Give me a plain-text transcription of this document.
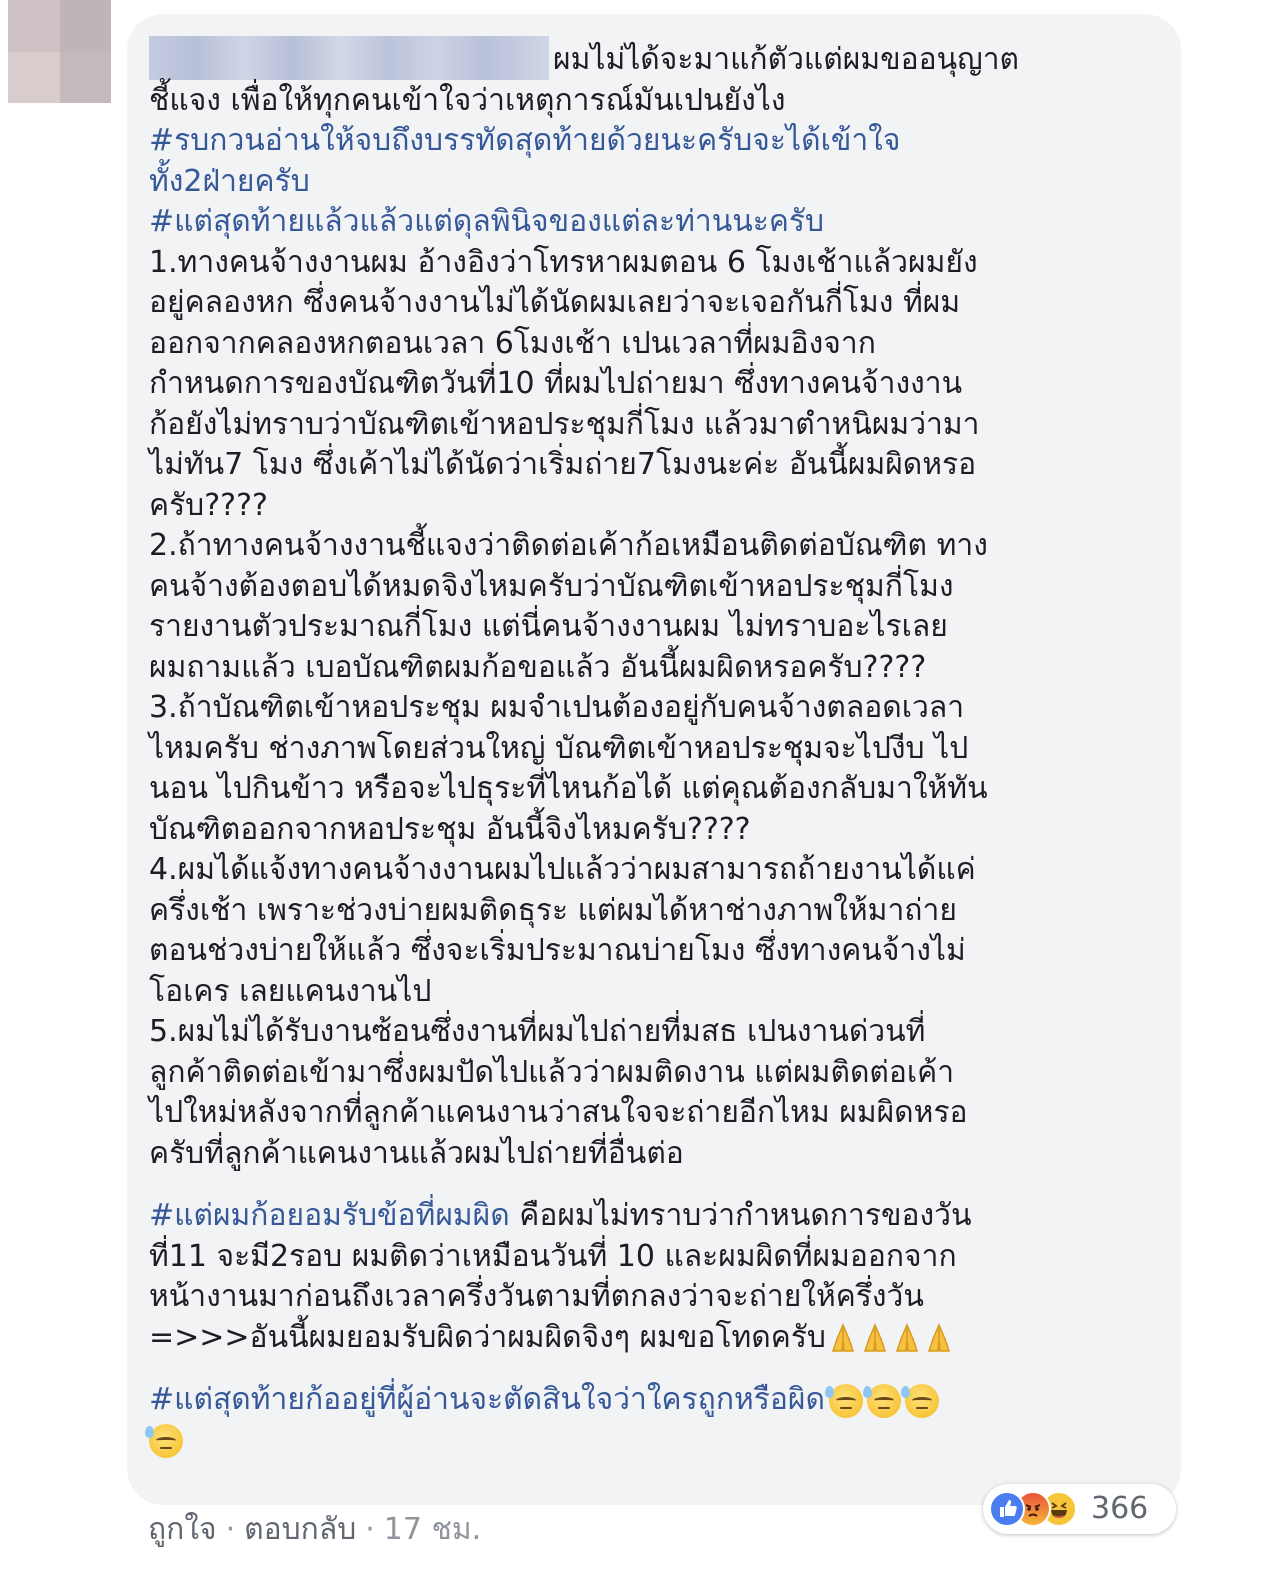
ผมไม่ได้จะมาแก้ตัวแต่ผมขออนุญาต
ชี้แจง เพื่อให้ทุกคนเข้าใจว่าเหตุการณ์มันเปนยังไง
#รบกวนอ่านให้จบถึงบรรทัดสุดท้ายด้วยนะครับจะได้เข้าใจ
ทั้ง2ฝ่ายครับ
#แต่สุดท้ายแล้วแล้วแต่ดุลพินิจของแต่ละท่านนะครับ
1.ทางคนจ้างงานผม อ้างอิงว่าโทรหาผมตอน 6 โมงเช้าแล้วผมยัง
อยู่คลองหก ซึ่งคนจ้างงานไม่ได้นัดผมเลยว่าจะเจอกันกี่โมง ที่ผม
ออกจากคลองหกตอนเวลา 6โมงเช้า เปนเวลาที่ผมอิงจาก
กำหนดการของบัณฑิตวันที่10 ที่ผมไปถ่ายมา ซึ่งทางคนจ้างงาน
ก้อยังไม่ทราบว่าบัณฑิตเข้าหอประชุมกี่โมง แล้วมาตำหนิผมว่ามา
ไม่ทัน7 โมง ซึ่งเค้าไม่ได้นัดว่าเริ่มถ่าย7โมงนะค่ะ อันนี้ผมผิดหรอ
ครับ????
2.ถ้าทางคนจ้างงานชี้แจงว่าติดต่อเค้าก้อเหมือนติดต่อบัณฑิต ทาง
คนจ้างต้องตอบได้หมดจิงไหมครับว่าบัณฑิตเข้าหอประชุมกี่โมง
รายงานตัวประมาณกี่โมง แต่นี่คนจ้างงานผม ไม่ทราบอะไรเลย
ผมถามแล้ว เบอบัณฑิตผมก้อขอแล้ว อันนี้ผมผิดหรอครับ????
3.ถ้าบัณฑิตเข้าหอประชุม ผมจำเปนต้องอยู่กับคนจ้างตลอดเวลา
ไหมครับ ช่างภาพโดยส่วนใหญ่ บัณฑิตเข้าหอประชุมจะไปงีบ ไป
นอน ไปกินข้าว หรือจะไปธุระที่ไหนก้อได้ แต่คุณต้องกลับมาให้ทัน
บัณฑิตออกจากหอประชุม อันนี้จิงไหมครับ????
4.ผมได้แจ้งทางคนจ้างงานผมไปแล้วว่าผมสามารถถ้ายงานได้แค่
ครึ่งเช้า เพราะช่วงบ่ายผมติดธุระ แต่ผมได้หาช่างภาพให้มาถ่าย
ตอนช่วงบ่ายให้แล้ว ซึ่งจะเริ่มประมาณบ่ายโมง ซึ่งทางคนจ้างไม่
โอเคร เลยแคนงานไป
5.ผมไม่ได้รับงานซ้อนซึ่งงานที่ผมไปถ่ายที่มสธ เปนงานด่วนที่
ลูกค้าติดต่อเข้ามาซึ่งผมปัดไปแล้วว่าผมติดงาน แต่ผมติดต่อเค้า
ไปใหม่หลังจากที่ลูกค้าแคนงานว่าสนใจจะถ่ายอีกไหม ผมผิดหรอ
ครับที่ลูกค้าแคนงานแล้วผมไปถ่ายที่อื่นต่อ
#แต่ผมก้อยอมรับข้อที่ผมผิด คือผมไม่ทราบว่ากำหนดการของวัน
ที่11 จะมี2รอบ ผมติดว่าเหมือนวันที่ 10 และผมผิดที่ผมออกจาก
หน้างานมาก่อนถึงเวลาครึ่งวันตามที่ตกลงว่าจะถ่ายให้ครึ่งวัน
=>>>อันนี้ผมยอมรับผิดว่าผมผิดจิงๆ ผมขอโทดครับ
#แต่สุดท้ายก้ออยู่ที่ผู้อ่านจะตัดสินใจว่าใครถูกหรือผิด
366
ถูกใจ · ตอบกลับ · 17 ชม.
